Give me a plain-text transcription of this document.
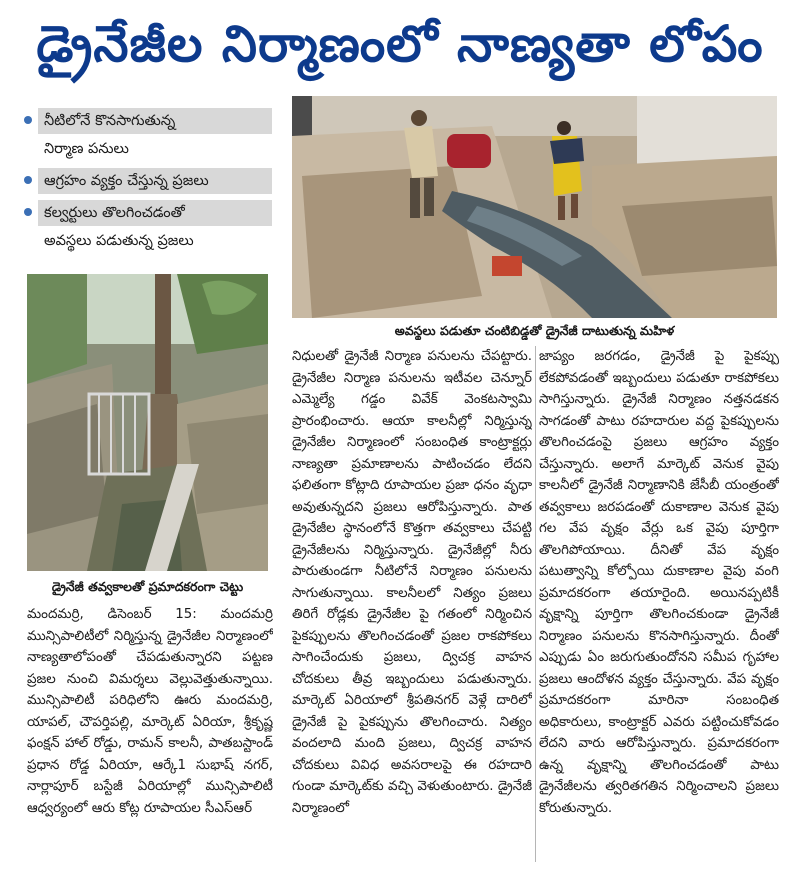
డ్రైనేజీల నిర్మాణంలో నాణ్యతా లోపం
నీటిలోనే కొనసాగుతున్న
నిర్మాణ పనులు
ఆగ్రహం వ్యక్తం చేస్తున్న ప్రజలు
కల్వర్టులు తొలగించడంతో
అవస్థలు పడుతున్న ప్రజలు
అవస్థలు పడుతూ చంటిబిడ్డతో డ్రైనేజీ దాటుతున్న మహిళ
డ్రైనేజీ తవ్వకాలతో ప్రమాదకరంగా చెట్టు
మందమర్రి, డిసెంబర్ 15: మందమర్రి మున్సిపాలిటీలో నిర్మిస్తున్న డ్రైనేజీల నిర్మాణంలో నాణ్యతాలోపంతో చేపడుతున్నారని పట్టణ ప్రజల నుంచి విమర్శలు వెల్లువెత్తుతున్నాయి. మున్సిపాలిటీ పరిధిలోని ఊరు మందమర్రి, యాపల్, చౌపర్తిపల్లి, మార్కెట్ ఏరియా, శ్రీకృష్ణ ఫంక్షన్ హాల్ రోడ్డు, రామన్ కాలనీ, పాతబస్టాండ్ ప్రధాన రోడ్డ ఏరియా, ఆర్కే1 సుభాష్ నగర్, నార్లాపూర్ బస్టేజీ ఏరియాల్లో మున్సిపాలిటీ ఆధ్వర్యంలో ఆరు కోట్ల రూపాయల సీఎస్ఆర్
నిధులతో డ్రైనేజీ నిర్మాణ పనులను చేపట్టారు. డ్రైనేజీల నిర్మాణ పనులను ఇటీవల చెన్నూర్ ఎమ్మెల్యే గడ్డం వివేక్ వెంకటస్వామి ప్రారంభించారు. ఆయా కాలనీల్లో నిర్మిస్తున్న డ్రైనేజీల నిర్మాణంలో సంబంధిత కాంట్రాక్టర్లు నాణ్యతా ప్రమాణాలను పాటించడం లేదని ఫలితంగా కోట్లాది రూపాయల ప్రజా ధనం వృధా అవుతున్నదని ప్రజలు ఆరోపిస్తున్నారు. పాత డ్రైనేజీల స్థానంలోనే కొత్తగా తవ్వకాలు చేపట్టి డ్రైనేజీలను నిర్మిస్తున్నారు. డ్రైనేజీల్లో నీరు పారుతుండగా నీటిలోనే నిర్మాణం పనులను సాగుతున్నాయి. కాలనీలలో నిత్యం ప్రజలు తిరిగే రోడ్లకు డ్రైనేజీల పై గతంలో నిర్మించిన పైకప్పులను తొలగించడంతో ప్రజల రాకపోకలు సాగించేందుకు ప్రజలు, ద్విచక్ర వాహన చోదకులు తీవ్ర ఇబ్బందులు పడుతున్నారు. మార్కెట్ ఏరియాలో శ్రీపతినగర్ వెళ్లే దారిలో డ్రైనేజీ పై పైకప్పును తొలగించారు. నిత్యం వందలాది మంది ప్రజలు, ద్విచక్ర వాహన చోదకులు వివిధ అవసరాలపై ఈ రహదారి గుండా మార్కెట్‌కు వచ్చి వెళుతుంటారు. డ్రైనేజీ నిర్మాణంలో
జాప్యం జరగడం, డ్రైనేజీ పై పైకప్పు లేకపోవడంతో ఇబ్బందులు పడుతూ రాకపోకలు సాగిస్తున్నారు. డ్రైనేజీ నిర్మాణం నత్తనడకన సాగడంతో పాటు రహదారుల వద్ద పైకప్పులను తొలగించడంపై ప్రజలు ఆగ్రహం వ్యక్తం చేస్తున్నారు. అలాగే మార్కెట్ వెనుక వైపు కాలనీలో డ్రైనేజీ నిర్మాణానికి జేసీబీ యంత్రంతో తవ్వకాలు జరపడంతో దుకాణాల వెనుక వైపు గల వేప వృక్షం వేర్లు ఒక వైపు పూర్తిగా తొలగిపోయాయి. దీనితో వేప వృక్షం పటుత్వాన్ని కోల్పోయి దుకాణాల వైపు వంగి ప్రమాదకరంగా తయారైంది. అయినప్పటికీ వృక్షాన్ని పూర్తిగా తొలగించకుండా డ్రైనేజీ నిర్మాణం పనులను కొనసాగిస్తున్నారు. దీంతో ఎప్పుడు ఏం జరుగుతుందోనని సమీప గృహాల ప్రజలు ఆందోళన వ్యక్తం చేస్తున్నారు. వేప వృక్షం ప్రమాదకరంగా మారినా సంబంధిత అధికారులు, కాంట్రాక్టర్ ఎవరు పట్టించుకోవడం లేదని వారు ఆరోపిస్తున్నారు. ప్రమాదకరంగా ఉన్న వృక్షాన్ని తొలగించడంతో పాటు డ్రైనేజీలను త్వరితగతిన నిర్మించాలని ప్రజలు కోరుతున్నారు.
